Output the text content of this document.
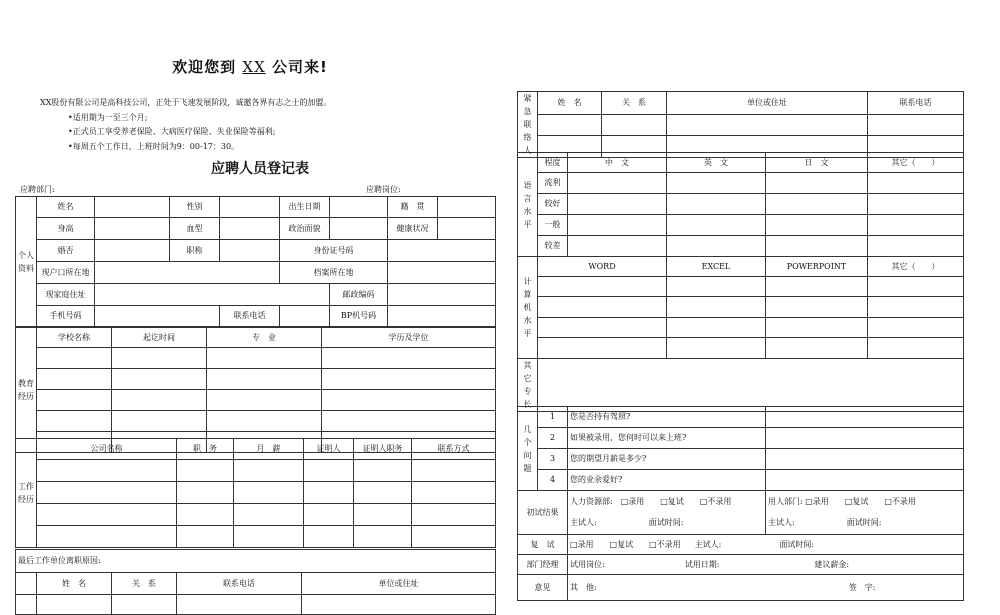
欢迎您到 XX 公司来!
XX股份有限公司是高科技公司，正处于飞速发展阶段，诚邀各界有志之士的加盟。
•适用期为一至三个月;
•正式员工享受养老保险、大病医疗保险、失业保险等福利;
•每周五个工作日，上班时间为9：00-17：30。
应聘人员登记表
应聘部门:	应聘岗位:
个人资料	姓名		性别		出生日期		籍　贯	
	身高		血型		政治面貌		健康状况	
	婚否		职称		身份证号码			
	现户口所在地				档案所在地			
	现家庭住址					邮政编码		
	手机号码			联系电话		BP机号码		
教育经历	学校名称	起讫时间	专　业	学历及学位

工作经历	公司名称	职　务	月　薪	证明人	证明人职务	联系方式

最后工作单位离职原因:				
	姓　名	关　系	联系电话	单位或住址

紧急联络人	姓　名	关　系	单位或住址	联系电话

语言水平	程度	中　文	英　文	日　文	其它（　　）
	流利				
	较好				
	一般				
	较差				
计算机水平	WORD	EXCEL	POWERPOINT	其它（　　）

其它专长	
几个问题	1	您是否持有驾照?	
	2	如果被录用，您何时可以来上班?	
	3	您的期望月薪是多少?	
	4	您的业余爱好?	
初试结果	人力资源部:　□录用　　□复试　　□不录用	用人部门: □录用　　□复试　　□不录用
	主试人: 面试时间:	主试人: 面试时间:
复　试	□录用　　□复试　　□不录用 主试人:	面试时间:
部门经理	试用岗位: 试用日期: 建议薪金:
意见	其　他: 签　字:
